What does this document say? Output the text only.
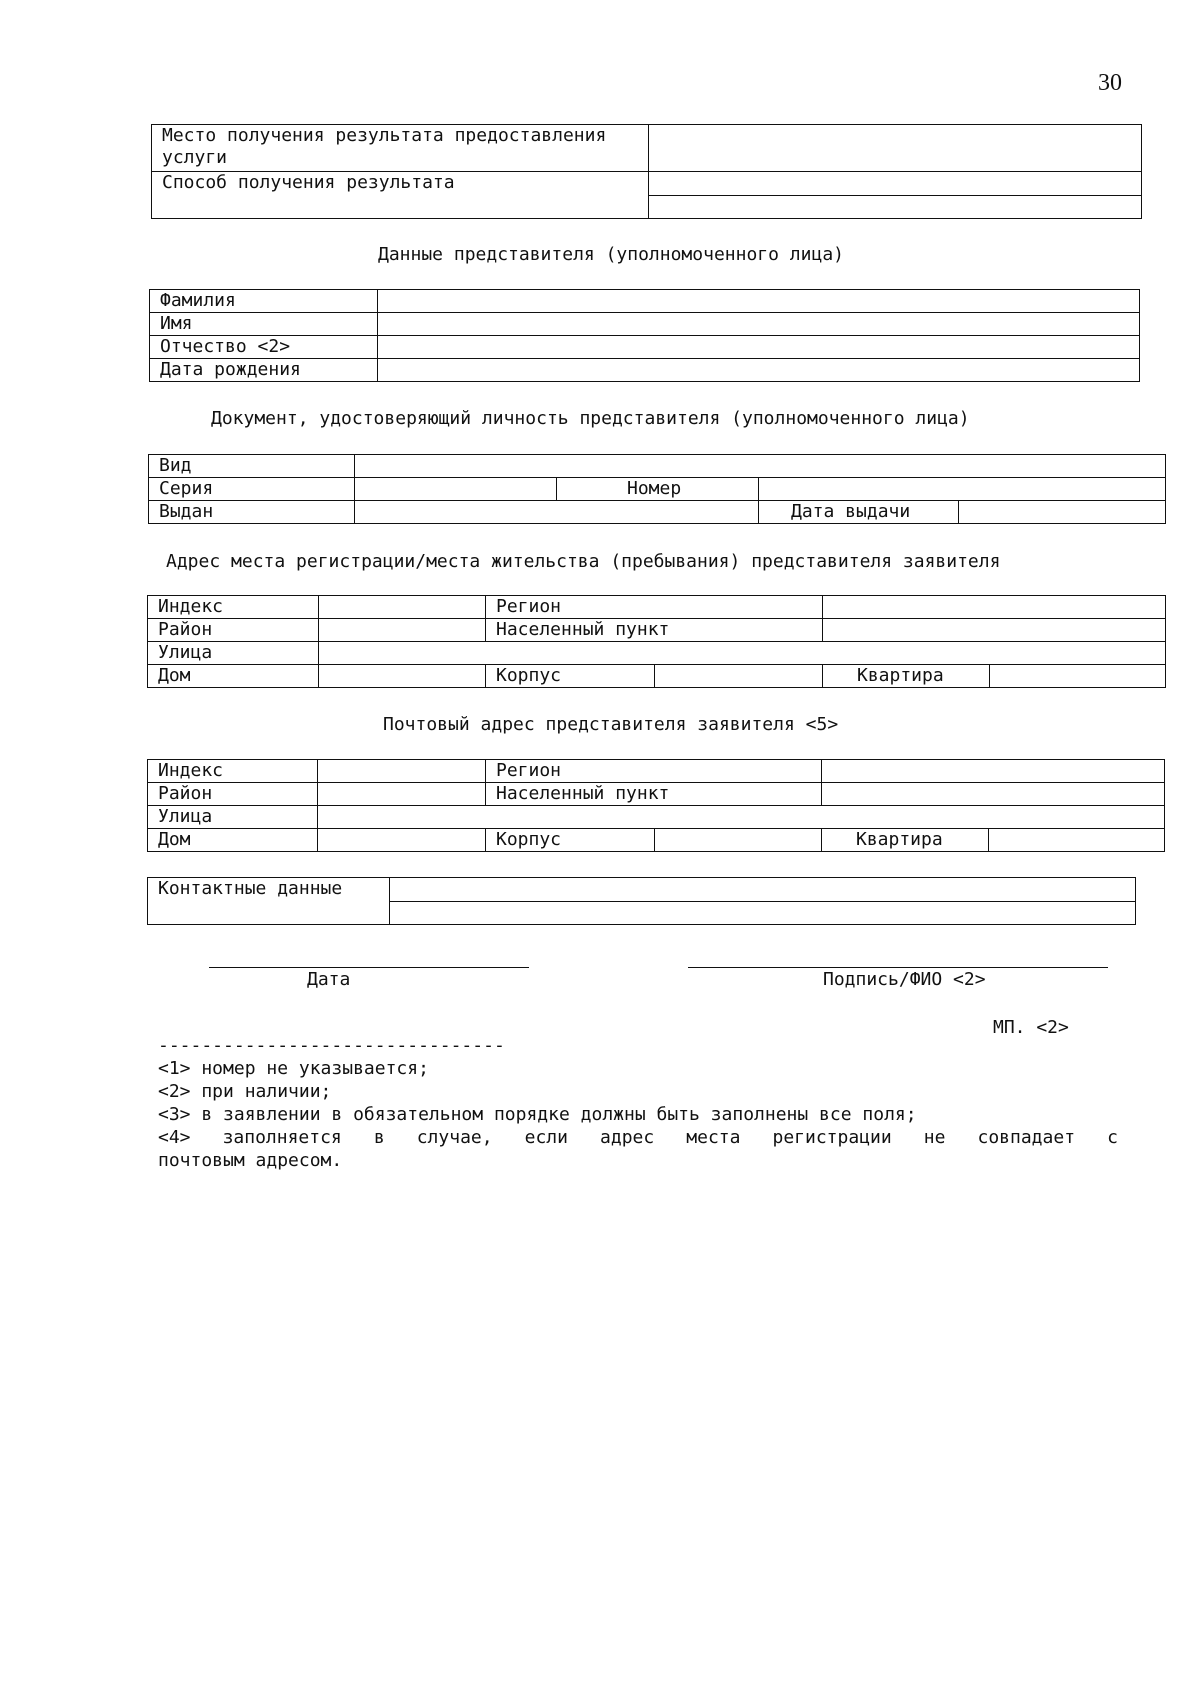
30
Место получения результата предоставления услуги	
Способ получения результата	

Данные представителя (уполномоченного лица)
Фамилия	
Имя	
Отчество <2>	
Дата рождения	
Документ, удостоверяющий личность представителя (уполномоченного лица)
Вид				
Серия		Номер		
Выдан			Дата выдачи	
Адрес места регистрации/места жительства (пребывания) представителя заявителя
Индекс		Регион			
Район		Населенный пункт			
Улица					
Дом		Корпус		Квартира	
Почтовый адрес представителя заявителя <5>
Индекс		Регион			
Район		Населенный пункт			
Улица					
Дом		Корпус		Квартира	
Контактные данные	

Дата	Подпись/ФИО <2>
МП. <2>
--------------------------------
<1> номер не указывается;
<2> при наличии;
<3> в заявлении в обязательном порядке должны быть заполнены все поля;
<4> заполняется в случае, если адрес места регистрации не совпадает с
почтовым адресом.
